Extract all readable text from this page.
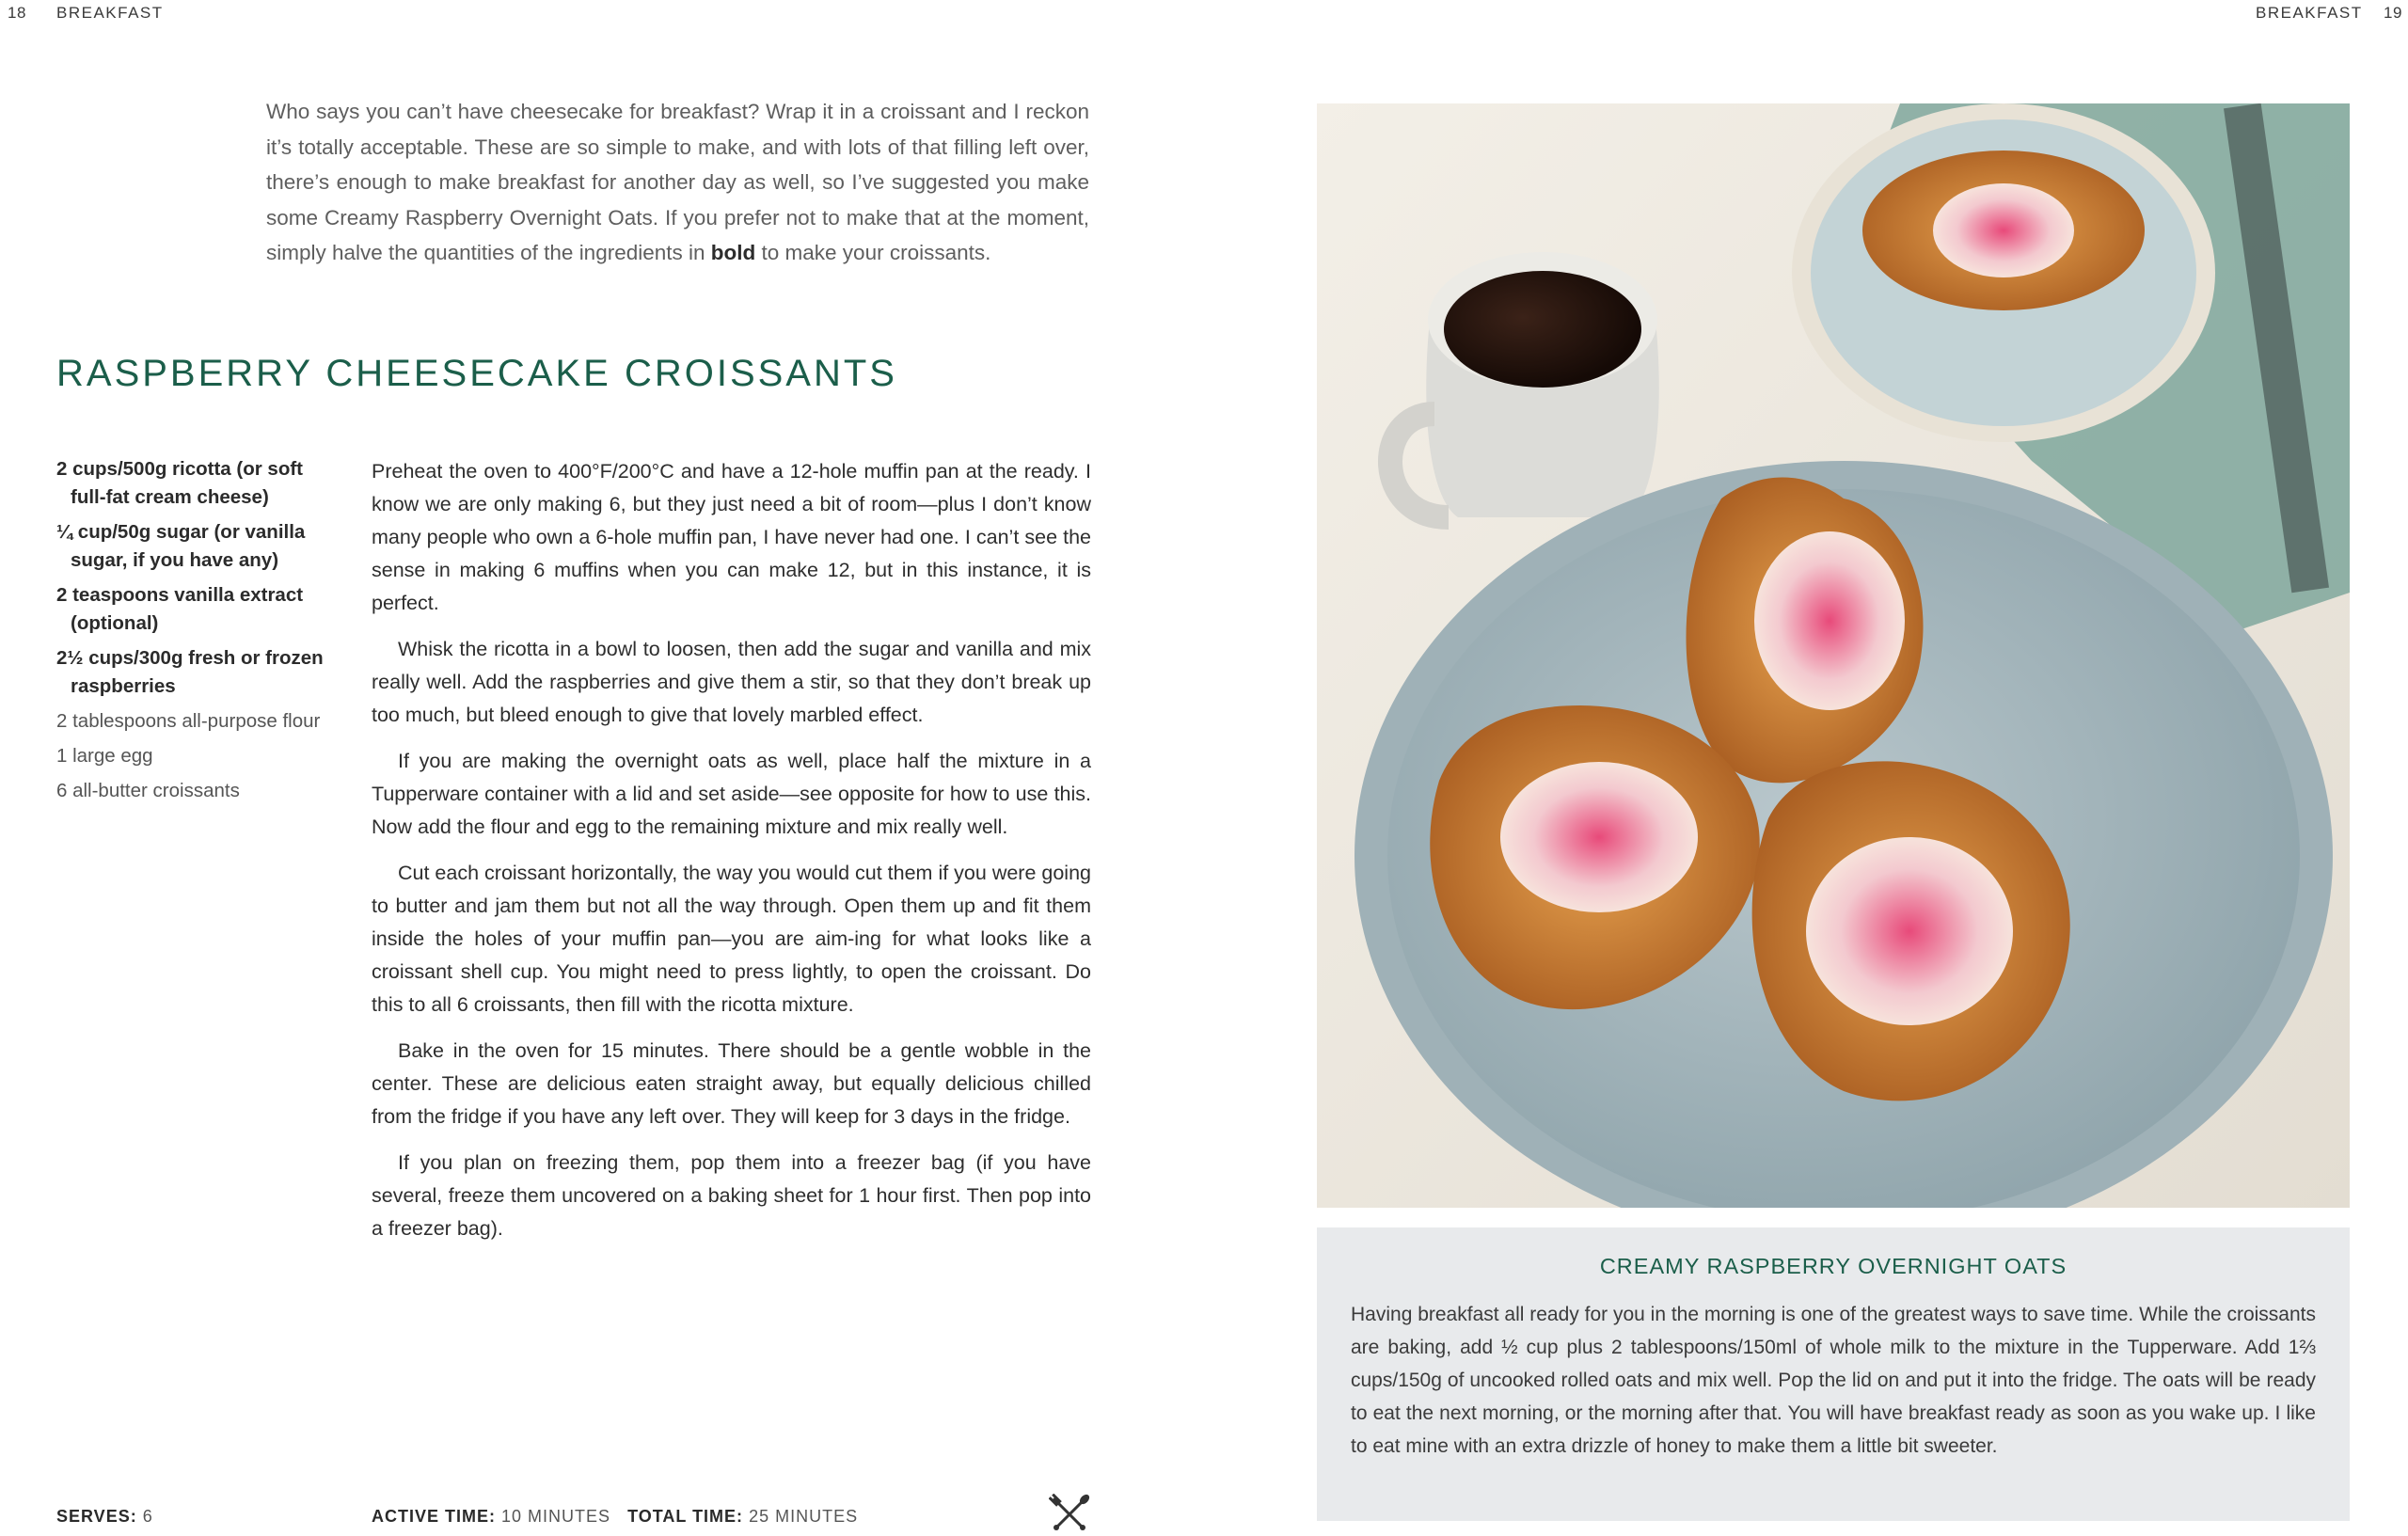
18 BREAKFAST	BREAKFAST 19
Who says you can’t have cheesecake for breakfast? Wrap it in a croissant and I reckon it’s totally acceptable. These are so simple to make, and with lots of that filling left over, there’s enough to make breakfast for another day as well, so I’ve suggested you make some Creamy Raspberry Overnight Oats. If you prefer not to make that at the moment, simply halve the quantities of the ingredients in bold to make your croissants.
RASPBERRY CHEESECAKE CROISSANTS
2 cups/500g ricotta (or soft full-fat cream cheese)
¼ cup/50g sugar (or vanilla sugar, if you have any)
2 teaspoons vanilla extract (optional)
2½ cups/300g fresh or frozen raspberries
2 tablespoons all-purpose flour
1 large egg
6 all-butter croissants

Preheat the oven to 400°F/200°C and have a 12-hole muffin pan at the ready. I know we are only making 6, but they just need a bit of room—plus I don’t know many people who own a 6-hole muffin pan, I have never had one. I can’t see the sense in making 6 muffins when you can make 12, but in this instance, it is perfect.

Whisk the ricotta in a bowl to loosen, then add the sugar and vanilla and mix really well. Add the raspberries and give them a stir, so that they don’t break up too much, but bleed enough to give that lovely marbled effect.

If you are making the overnight oats as well, place half the mixture in a Tupperware container with a lid and set aside—see opposite for how to use this. Now add the flour and egg to the remaining mixture and mix really well.

Cut each croissant horizontally, the way you would cut them if you were going to butter and jam them but not all the way through. Open them up and fit them inside the holes of your muffin pan—you are aim-ing for what looks like a croissant shell cup. You might need to press lightly, to open the croissant. Do this to all 6 croissants, then fill with the ricotta mixture.

Bake in the oven for 15 minutes. There should be a gentle wobble in the center. These are delicious eaten straight away, but equally delicious chilled from the fridge if you have any left over. They will keep for 3 days in the fridge.

If you plan on freezing them, pop them into a freezer bag (if you have several, freeze them uncovered on a baking sheet for 1 hour first. Then pop into a freezer bag).

SERVES: 6	ACTIVE TIME: 10 MINUTES TOTAL TIME: 25 MINUTES
CREAMY RASPBERRY OVERNIGHT OATS
Having breakfast all ready for you in the morning is one of the greatest ways to save time. While the croissants are baking, add ½ cup plus 2 tablespoons/150ml of whole milk to the mixture in the Tupperware. Add 1⅔ cups/150g of uncooked rolled oats and mix well. Pop the lid on and put it into the fridge. The oats will be ready to eat the next morning, or the morning after that. You will have breakfast ready as soon as you wake up. I like to eat mine with an extra drizzle of honey to make them a little bit sweeter.
